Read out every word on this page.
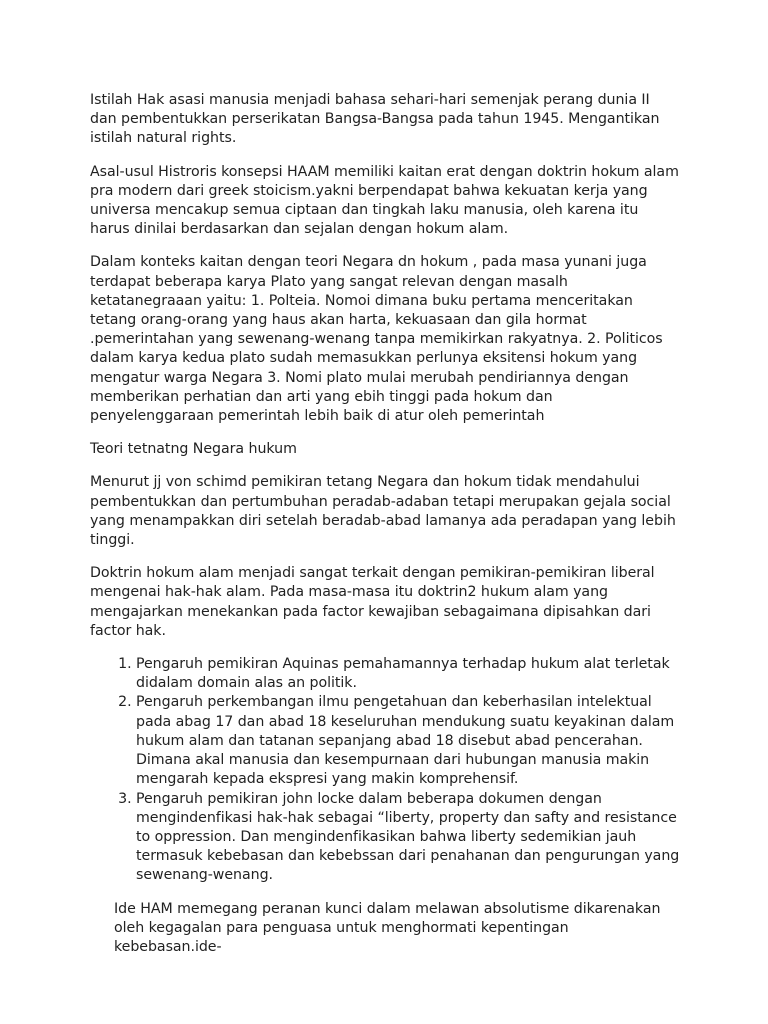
Istilah Hak asasi manusia menjadi bahasa sehari-hari semenjak perang dunia II dan pembentukkan perserikatan Bangsa-Bangsa pada tahun 1945. Mengantikan istilah natural rights.

Asal-usul Histroris konsepsi HAAM memiliki kaitan erat dengan doktrin hokum alam pra modern dari greek stoicism.yakni berpendapat bahwa kekuatan kerja yang universa mencakup semua ciptaan dan tingkah laku manusia, oleh karena itu harus dinilai berdasarkan dan sejalan dengan hokum alam.

Dalam konteks kaitan dengan teori Negara dn hokum , pada masa yunani juga terdapat beberapa karya Plato yang sangat relevan dengan masalh ketatanegraaan yaitu: 1. Polteia. Nomoi dimana buku pertama menceritakan tetang orang-orang yang haus akan harta, kekuasaan dan gila hormat .pemerintahan yang sewenang-wenang tanpa memikirkan rakyatnya. 2. Politicos dalam karya kedua plato sudah memasukkan perlunya eksitensi hokum yang mengatur warga Negara 3. Nomi plato mulai merubah pendiriannya dengan memberikan perhatian dan arti yang ebih tinggi pada hokum dan penyelenggaraan pemerintah lebih baik di atur oleh pemerintah

Teori tetnatng Negara hukum

Menurut jj von schimd pemikiran tetang Negara dan hokum tidak mendahului pembentukkan dan pertumbuhan peradab-adaban tetapi merupakan gejala social yang menampakkan diri setelah beradab-abad lamanya ada peradapan yang lebih tinggi.

Doktrin hokum alam menjadi sangat terkait dengan pemikiran-pemikiran liberal mengenai hak-hak alam. Pada masa-masa itu doktrin2 hukum alam yang mengajarkan menekankan pada factor kewajiban sebagaimana dipisahkan dari factor hak.

1. Pengaruh pemikiran Aquinas pemahamannya terhadap hukum alat terletak didalam domain alas an politik.
2. Pengaruh perkembangan ilmu pengetahuan dan keberhasilan intelektual pada abag 17 dan abad 18 keseluruhan mendukung suatu keyakinan dalam hukum alam dan tatanan sepanjang abad 18 disebut abad pencerahan. Dimana akal manusia dan kesempurnaan dari hubungan manusia makin mengarah kepada ekspresi yang makin komprehensif.
3. Pengaruh pemikiran john locke dalam beberapa dokumen dengan mengindenfikasi hak-hak sebagai “liberty, property dan safty and resistance to oppression. Dan mengindenfikasikan bahwa liberty sedemikian jauh termasuk kebebasan dan kebebssan dari penahanan dan pengurungan yang sewenang-wenang.

Ide HAM memegang peranan kunci dalam melawan absolutisme dikarenakan oleh kegagalan para penguasa untuk menghormati kepentingan kebebasan.ide-
